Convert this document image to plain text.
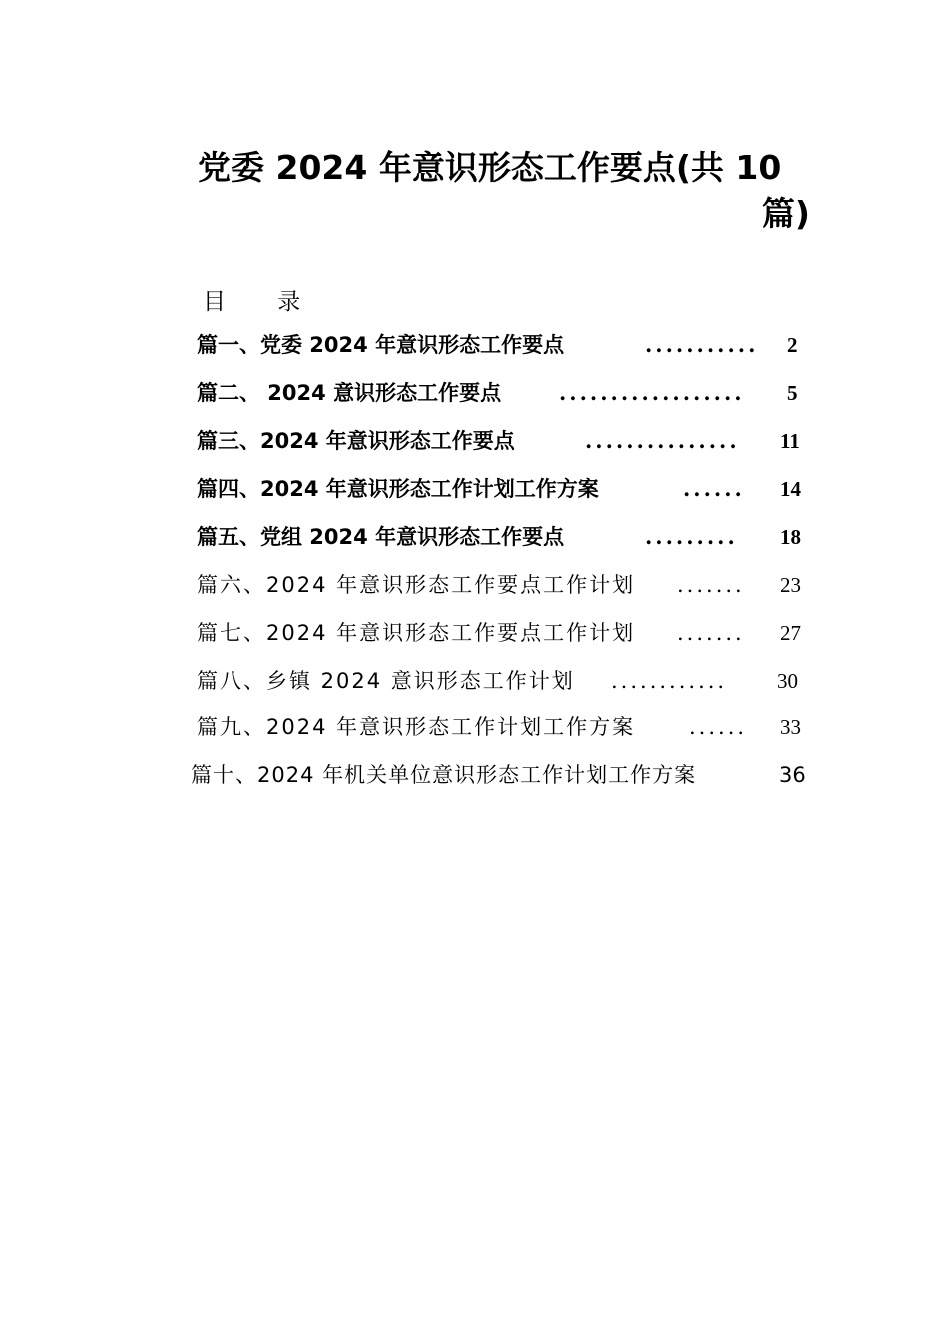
党委 2024 年意识形态工作要点(共 10
篇)
目 录
篇一、党委 2024 年意识形态工作要点	........... 2
篇二、 2024 意识形态工作要点	.................. 5
篇三、2024 年意识形态工作要点	............... 11
篇四、2024 年意识形态工作计划工作方案	...... 14
篇五、党组 2024 年意识形态工作要点	......... 18
篇六、2024 年意识形态工作要点工作计划 ....... 23
篇七、2024 年意识形态工作要点工作计划 ....... 27
篇八、乡镇 2024 意识形态工作计划 ............ 30
篇九、2024 年意识形态工作计划工作方案	...... 33
篇十、2024 年机关单位意识形态工作计划工作方案	36
